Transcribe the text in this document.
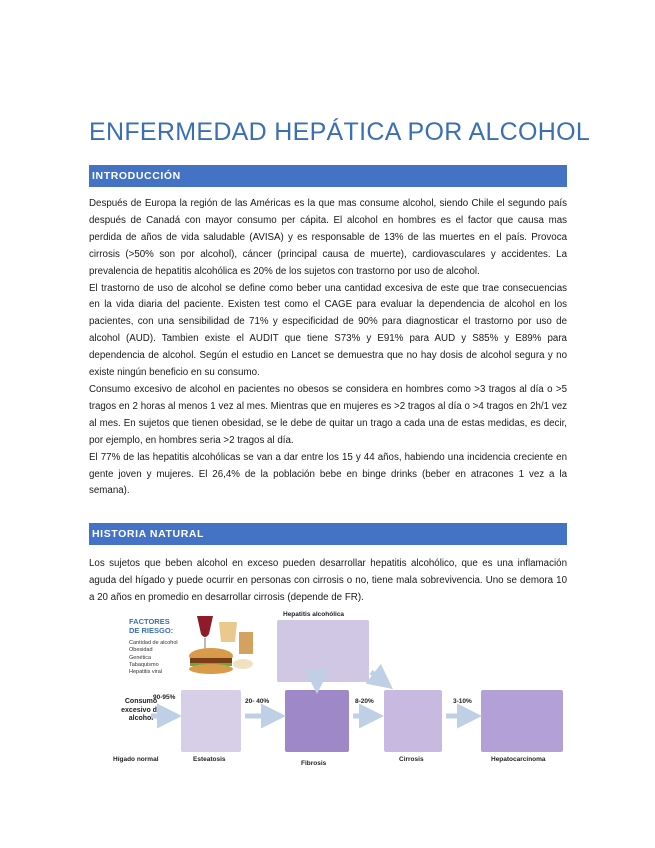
ENFERMEDAD HEPÁTICA POR ALCOHOL
INTRODUCCIÓN

Después de Europa la región de las Américas es la que mas consume alcohol, siendo Chile el segundo país después de Canadá con mayor consumo per cápita. El alcohol en hombres es el factor que causa mas perdida de años de vida saludable (AVISA) y es responsable de 13% de las muertes en el país. Provoca cirrosis (>50% son por alcohol), cáncer (principal causa de muerte), cardiovasculares y accidentes. La prevalencia de hepatitis alcohólica es 20% de los sujetos con trastorno por uso de alcohol.

El trastorno de uso de alcohol se define como beber una cantidad excesiva de este que trae consecuencias en la vida diaria del paciente. Existen test como el CAGE para evaluar la dependencia de alcohol en los pacientes, con una sensibilidad de 71% y especificidad de 90% para diagnosticar el trastorno por uso de alcohol (AUD). Tambien existe el AUDIT que tiene S73% y E91% para AUD y S85% y E89% para dependencia de alcohol. Según el estudio en Lancet se demuestra que no hay dosis de alcohol segura y no existe ningún beneficio en su consumo.

Consumo excesivo de alcohol en pacientes no obesos se considera en hombres como >3 tragos al día o >5 tragos en 2 horas al menos 1 vez al mes. Mientras que en mujeres es >2 tragos al día o >4 tragos en 2h/1 vez al mes. En sujetos que tienen obesidad, se le debe de quitar un trago a cada una de estas medidas, es decir, por ejemplo, en hombres seria >2 tragos al día.

El 77% de las hepatitis alcohólicas se van a dar entre los 15 y 44 años, habiendo una incidencia creciente en gente joven y mujeres. El 26,4% de la población bebe en binge drinks (beber en atracones 1 vez a la semana).

HISTORIA NATURAL

Los sujetos que beben alcohol en exceso pueden desarrollar hepatitis alcohólico, que es una inflamación aguda del hígado y puede ocurrir en personas con cirrosis o no, tiene mala sobrevivencia. Uno se demora 10 a 20 años en promedio en desarrollar cirrosis (depende de FR).

FACTORES DE RIESGO:
Cantidad de alcohol
Obesidad
Genética
Tabaquismo
Hepatitis viral
Hepatitis alcohólica
Consumo excesivo de alcohol
Hígado normal	Esteatosis
Fibrosis
Cirrosis	Hepatocarcinoma
90-95%
20- 40%	8-20%	3-10%
